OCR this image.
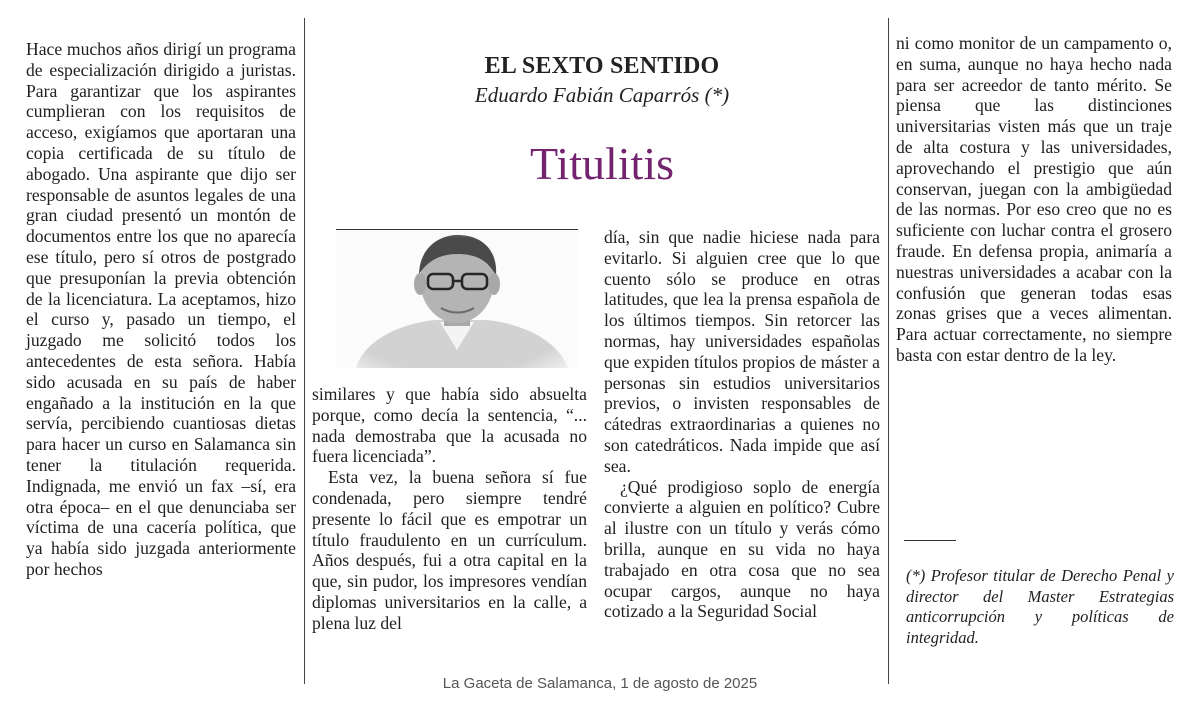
Hace muchos años dirigí un programa de especialización dirigido a juristas. Para garantizar que los aspirantes cumplieran con los requisitos de acceso, exigíamos que aportaran una copia certificada de su título de abogado. Una aspirante que dijo ser responsable de asuntos legales de una gran ciudad presentó un montón de documentos entre los que no aparecía ese título, pero sí otros de postgrado que presuponían la previa obtención de la licenciatura. La aceptamos, hizo el curso y, pasado un tiempo, el juzgado me solicitó todos los antecedentes de esta señora. Había sido acusada en su país de haber engañado a la institución en la que servía, percibiendo cuantiosas dietas para hacer un curso en Salamanca sin tener la titulación requerida. Indignada, me envió un fax –sí, era otra época– en el que denunciaba ser víctima de una cacería política, que ya había sido juzgada anteriormente por hechos

EL SEXTO SENTIDO
Eduardo Fabián Caparrós (*)
Titulitis

similares y que había sido absuelta porque, como decía la sentencia, “... nada demostraba que la acusada no fuera licenciada”.

Esta vez, la buena señora sí fue condenada, pero siempre tendré presente lo fácil que es empotrar un título fraudulento en un currículum. Años después, fui a otra capital en la que, sin pudor, los impresores vendían diplomas universitarios en la calle, a plena luz del

día, sin que nadie hiciese nada para evitarlo. Si alguien cree que lo que cuento sólo se produce en otras latitudes, que lea la prensa española de los últimos tiempos. Sin retorcer las normas, hay universidades españolas que expiden títulos propios de máster a personas sin estudios universitarios previos, o invisten responsables de cátedras extraordinarias a quienes no son catedráticos. Nada impide que así sea.

¿Qué prodigioso soplo de energía convierte a alguien en político? Cubre al ilustre con un título y verás cómo brilla, aunque en su vida no haya trabajado en otra cosa que no sea ocupar cargos, aunque no haya cotizado a la Seguridad Social

ni como monitor de un campamento o, en suma, aunque no haya hecho nada para ser acreedor de tanto mérito. Se piensa que las distinciones universitarias visten más que un traje de alta costura y las universidades, aprovechando el prestigio que aún conservan, juegan con la ambigüedad de las normas. Por eso creo que no es suficiente con luchar contra el grosero fraude. En defensa propia, animaría a nuestras universidades a acabar con la confusión que generan todas esas zonas grises que a veces alimentan. Para actuar correctamente, no siempre basta con estar dentro de la ley.

(*) Profesor titular de Derecho Penal y director del Master Estrategias anticorrupción y políticas de integridad.
La Gaceta de Salamanca, 1 de agosto de 2025
